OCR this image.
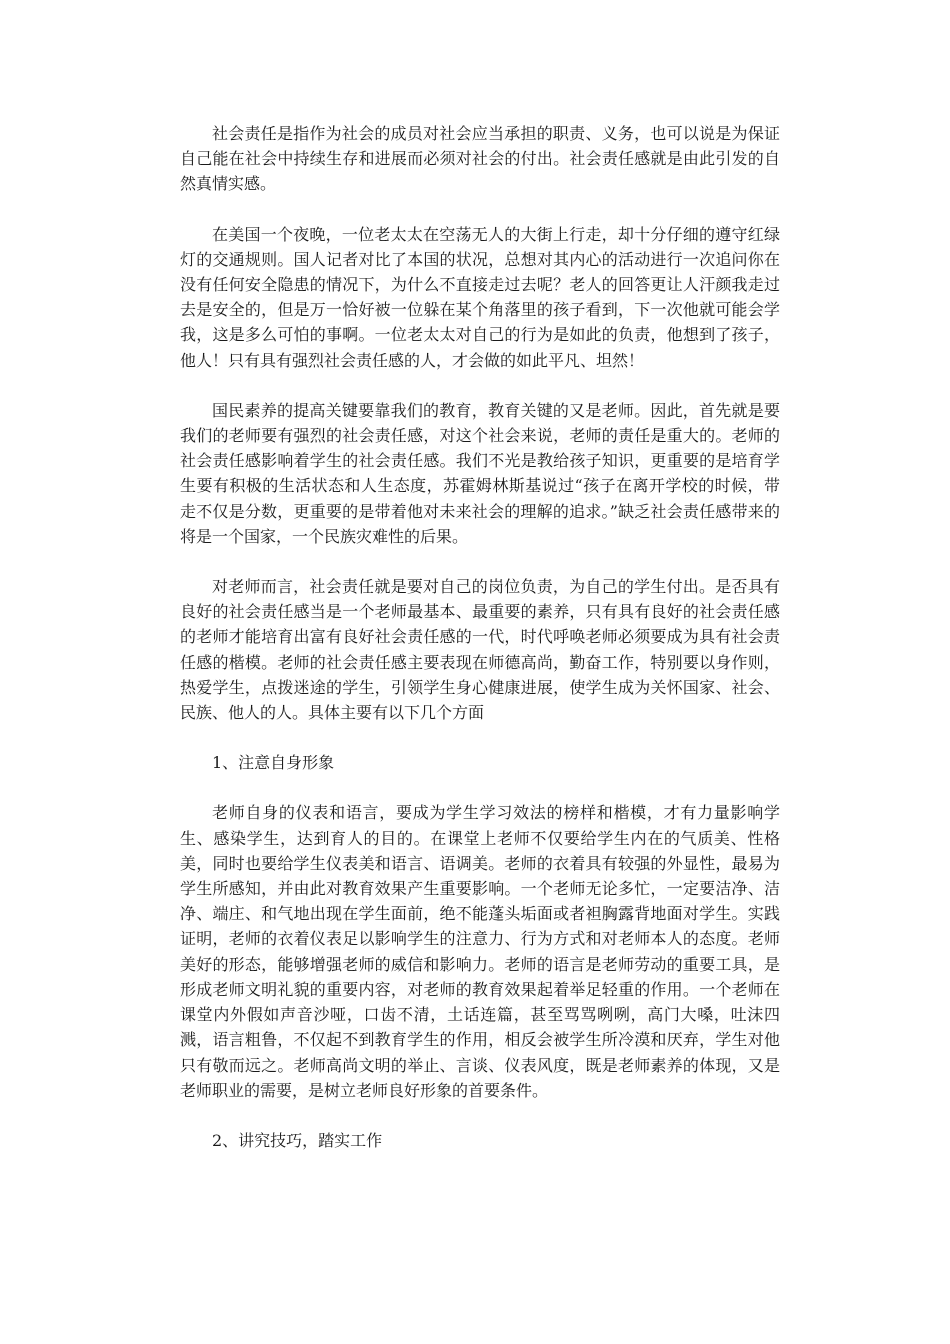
社会责任是指作为社会的成员对社会应当承担的职责、义务，也可以说是为保证自己能在社会中持续生存和进展而必须对社会的付出。社会责任感就是由此引发的自然真情实感。

在美国一个夜晚，一位老太太在空荡无人的大街上行走，却十分仔细的遵守红绿灯的交通规则。国人记者对比了本国的状况，总想对其内心的活动进行一次追问你在没有任何安全隐患的情况下，为什么不直接走过去呢？老人的回答更让人汗颜我走过去是安全的，但是万一恰好被一位躲在某个角落里的孩子看到，下一次他就可能会学我，这是多么可怕的事啊。一位老太太对自己的行为是如此的负责，他想到了孩子，他人！只有具有强烈社会责任感的人，才会做的如此平凡、坦然！

国民素养的提高关键要靠我们的教育，教育关键的又是老师。因此，首先就是要我们的老师要有强烈的社会责任感，对这个社会来说，老师的责任是重大的。老师的社会责任感影响着学生的社会责任感。我们不光是教给孩子知识，更重要的是培育学生要有积极的生活状态和人生态度，苏霍姆林斯基说过“孩子在离开学校的时候，带走不仅是分数，更重要的是带着他对未来社会的理解的追求。”缺乏社会责任感带来的将是一个国家，一个民族灾难性的后果。

对老师而言，社会责任就是要对自己的岗位负责，为自己的学生付出。是否具有良好的社会责任感当是一个老师最基本、最重要的素养，只有具有良好的社会责任感的老师才能培育出富有良好社会责任感的一代，时代呼唤老师必须要成为具有社会责任感的楷模。老师的社会责任感主要表现在师德高尚，勤奋工作，特别要以身作则，热爱学生，点拨迷途的学生，引领学生身心健康进展，使学生成为关怀国家、社会、民族、他人的人。具体主要有以下几个方面

1、注意自身形象

老师自身的仪表和语言，要成为学生学习效法的榜样和楷模，才有力量影响学生、感染学生，达到育人的目的。在课堂上老师不仅要给学生内在的气质美、性格美，同时也要给学生仪表美和语言、语调美。老师的衣着具有较强的外显性，最易为学生所感知，并由此对教育效果产生重要影响。一个老师无论多忙，一定要洁净、洁净、端庄、和气地出现在学生面前，绝不能蓬头垢面或者袒胸露背地面对学生。实践证明，老师的衣着仪表足以影响学生的注意力、行为方式和对老师本人的态度。老师美好的形态，能够增强老师的威信和影响力。老师的语言是老师劳动的重要工具，是形成老师文明礼貌的重要内容，对老师的教育效果起着举足轻重的作用。一个老师在课堂内外假如声音沙哑，口齿不清，土话连篇，甚至骂骂咧咧，高门大嗓，吐沫四溅，语言粗鲁，不仅起不到教育学生的作用，相反会被学生所冷漠和厌弃，学生对他只有敬而远之。老师高尚文明的举止、言谈、仪表风度，既是老师素养的体现，又是老师职业的需要，是树立老师良好形象的首要条件。

2、讲究技巧，踏实工作
